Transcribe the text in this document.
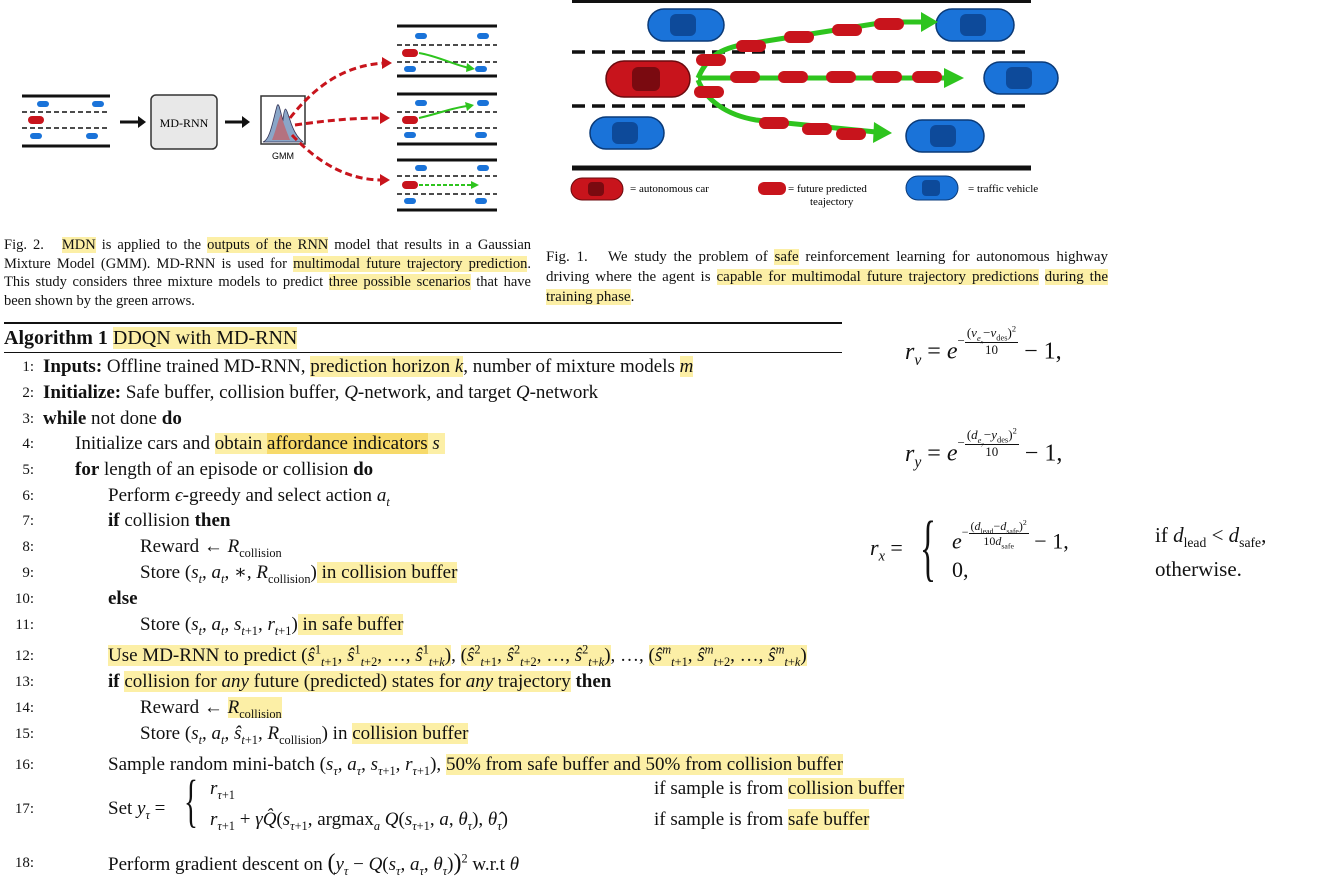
MD-RNN
GMM
= autonomous car	= future predicted
teajectory
= traffic vehicle
Fig. 2. MDN is applied to the outputs of the RNN model that results in a Gaussian Mixture Model (GMM). MD-RNN is used for multimodal future trajectory prediction. This study considers three mixture models to predict three possible scenarios that have been shown by the green arrows.
Fig. 1. We study the problem of safe reinforcement learning for autonomous highway driving where the agent is capable for multimodal future trajectory predictions during the training phase.
Algorithm 1 DDQN with MD-RNN
1: Inputs: Offline trained MD-RNN, prediction horizon k, number of mixture models m
2: Initialize: Safe buffer, collision buffer, Q-network, and target Q-network
3: while not done do
4: Initialize cars and obtain affordance indicators s
5: for length of an episode or collision do
6:	Perform ϵ-greedy and select action $a_t$
7:	if collision then
8:	Reward ← $R_{collision}$
9:	Store ($s_t$, $a_t$, ∗, $R_{collision}$) in collision buffer
10:	else
11:	Store ($s_t$, $a_t$, $s_{t+1}$, $r_{t+1}$) in safe buffer
12:	Use MD-RNN to predict ($ŝ^1_{t+1}$, $ŝ^1_{t+2}$, …, $ŝ^1_{t+k}$), ($ŝ^2_{t+1}$, $ŝ^2_{t+2}$, …, $ŝ^2_{t+k}$), …, ($ŝ^m_{t+1}$, $ŝ^m_{t+2}$, …, $ŝ^m_{t+k}$)
13:	if collision for any future (predicted) states for any trajectory then
14:	Reward ← $R_{collision}$
15:	Store ($s_t$, $a_t$, $ŝ_{t+1}$, $R_{collision}$) in collision buffer
16:	Sample random mini-batch ($s_\tau$, $a_\tau$, $s_{\tau+1}$, $r_{\tau+1}$), 50% from safe buffer and 50% from collision buffer
17:	Set $y_\tau$ = { $r_{\tau+1}$
$r_{\tau+1}$ + $\gamma Q̂(s_{\tau+1}$, argmax$_a$ $Q(s_{\tau+1}$, a, $\theta_\tau$), $\thetâ_\tau$)
if sample is from collision buffer
if sample is from safe buffer
18:	Perform gradient descent on ($y_\tau - Q(s_\tau$, $a_\tau$, $\theta_\tau))^2$ w.r.t θ
$r_v = e^{- \frac{(v_{e_x}-v_{des})^2}{10}} - 1$,
$r_y = e^{- \frac{(d_{e_y}-y_{des})^2}{10}} - 1$,
$r_x$ = { $e^{- \frac{(d_{lead}-d_{safe})^2}{10d_{safe}}} - 1$,
0,
if $d_{lead} < d_{safe}$,
otherwise.
